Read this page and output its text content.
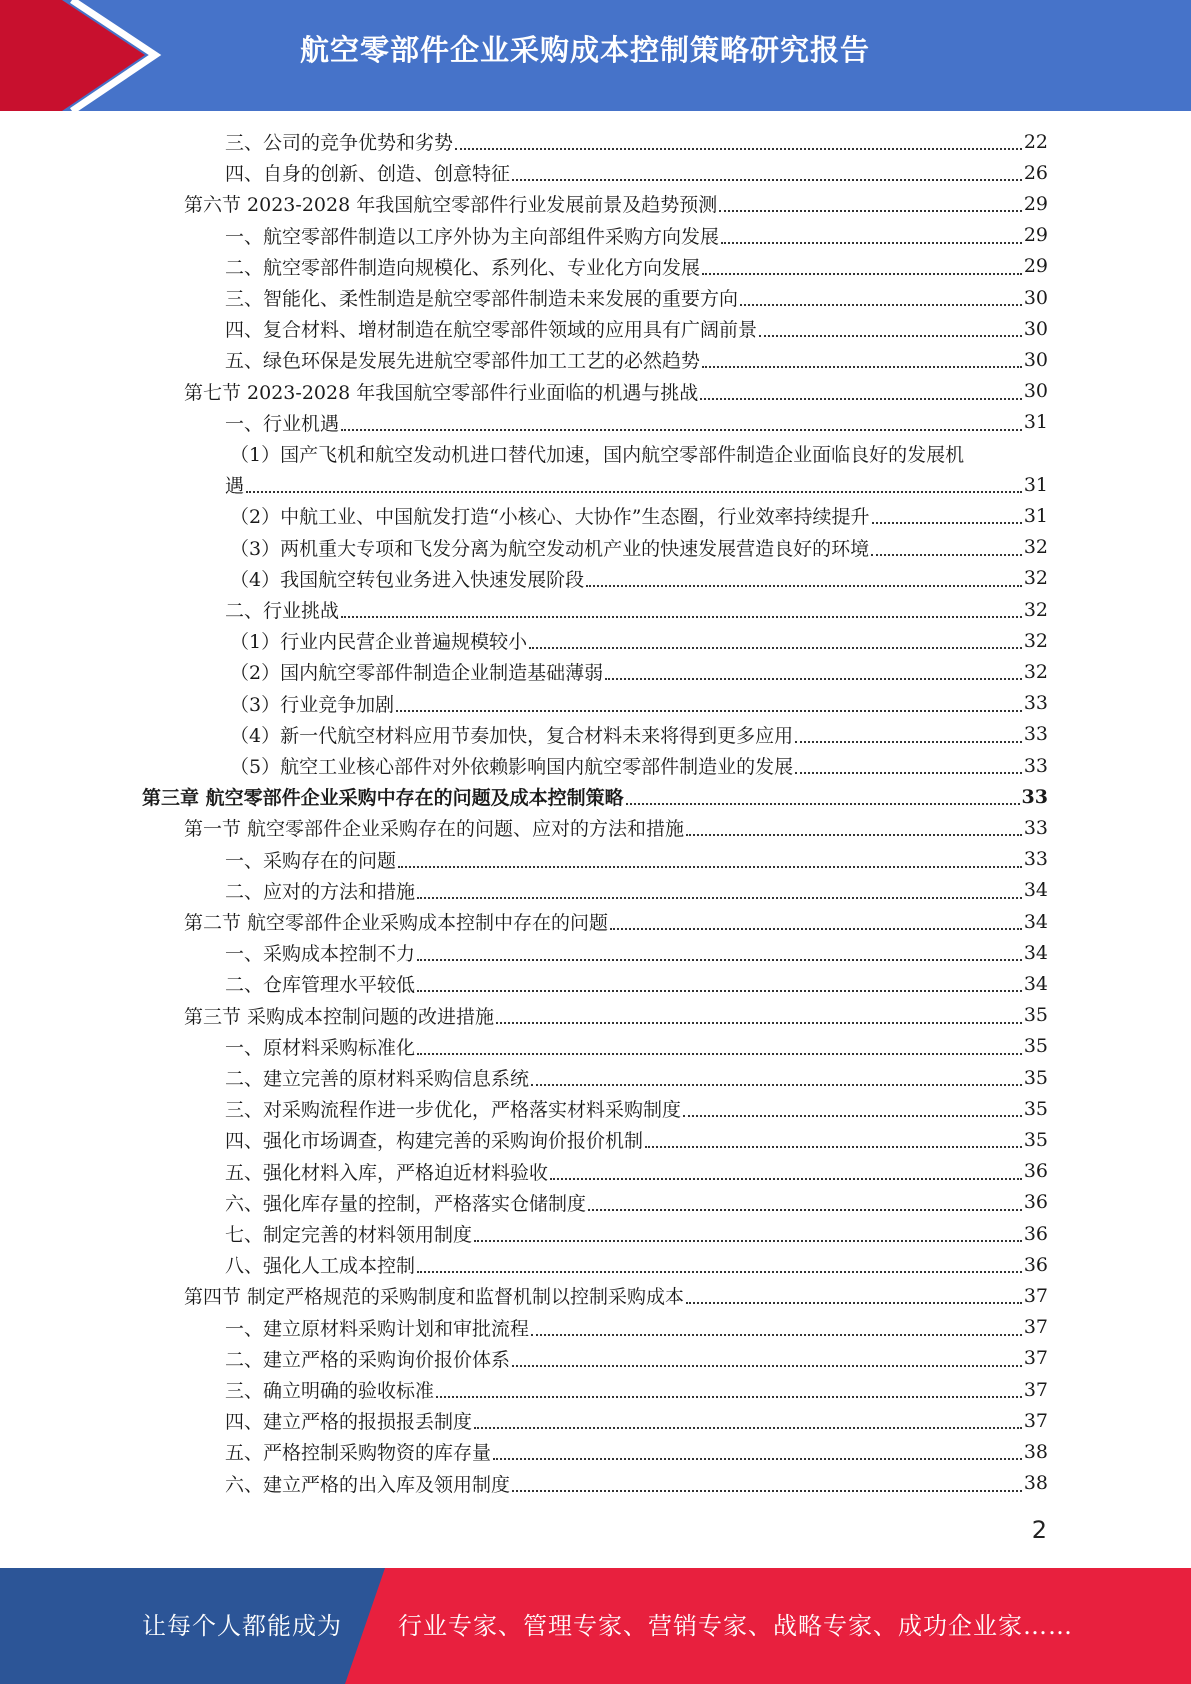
航空零部件企业采购成本控制策略研究报告
三、公司的竞争优势和劣势	22
四、自身的创新、创造、创意特征	26
第六节 2023-2028 年我国航空零部件行业发展前景及趋势预测	29
一、航空零部件制造以工序外协为主向部组件采购方向发展	29
二、航空零部件制造向规模化、系列化、专业化方向发展	29
三、智能化、柔性制造是航空零部件制造未来发展的重要方向	30
四、复合材料、增材制造在航空零部件领域的应用具有广阔前景	30
五、绿色环保是发展先进航空零部件加工工艺的必然趋势	30
第七节 2023-2028 年我国航空零部件行业面临的机遇与挑战	30
一、行业机遇	31
（1）国产飞机和航空发动机进口替代加速，国内航空零部件制造企业面临良好的发展机
遇	31
（2）中航工业、中国航发打造“小核心、大协作”生态圈，行业效率持续提升	31
（3）两机重大专项和飞发分离为航空发动机产业的快速发展营造良好的环境	32
（4）我国航空转包业务进入快速发展阶段	32
二、行业挑战	32
（1）行业内民营企业普遍规模较小	32
（2）国内航空零部件制造企业制造基础薄弱	32
（3）行业竞争加剧	33
（4）新一代航空材料应用节奏加快，复合材料未来将得到更多应用	33
（5）航空工业核心部件对外依赖影响国内航空零部件制造业的发展	33
第三章 航空零部件企业采购中存在的问题及成本控制策略	33
第一节 航空零部件企业采购存在的问题、应对的方法和措施	33
一、采购存在的问题	33
二、应对的方法和措施	34
第二节 航空零部件企业采购成本控制中存在的问题	34
一、采购成本控制不力	34
二、仓库管理水平较低	34
第三节 采购成本控制问题的改进措施	35
一、原材料采购标准化	35
二、建立完善的原材料采购信息系统	35
三、对采购流程作进一步优化，严格落实材料采购制度	35
四、强化市场调查，构建完善的采购询价报价机制	35
五、强化材料入库，严格迫近材料验收	36
六、强化库存量的控制，严格落实仓储制度	36
七、制定完善的材料领用制度	36
八、强化人工成本控制	36
第四节 制定严格规范的采购制度和监督机制以控制采购成本	37
一、建立原材料采购计划和审批流程	37
二、建立严格的采购询价报价体系	37
三、确立明确的验收标准	37
四、建立严格的报损报丢制度	37
五、严格控制采购物资的库存量	38
六、建立严格的出入库及领用制度	38
2
让每个人都能成为 行业专家、管理专家、营销专家、战略专家、成功企业家……
